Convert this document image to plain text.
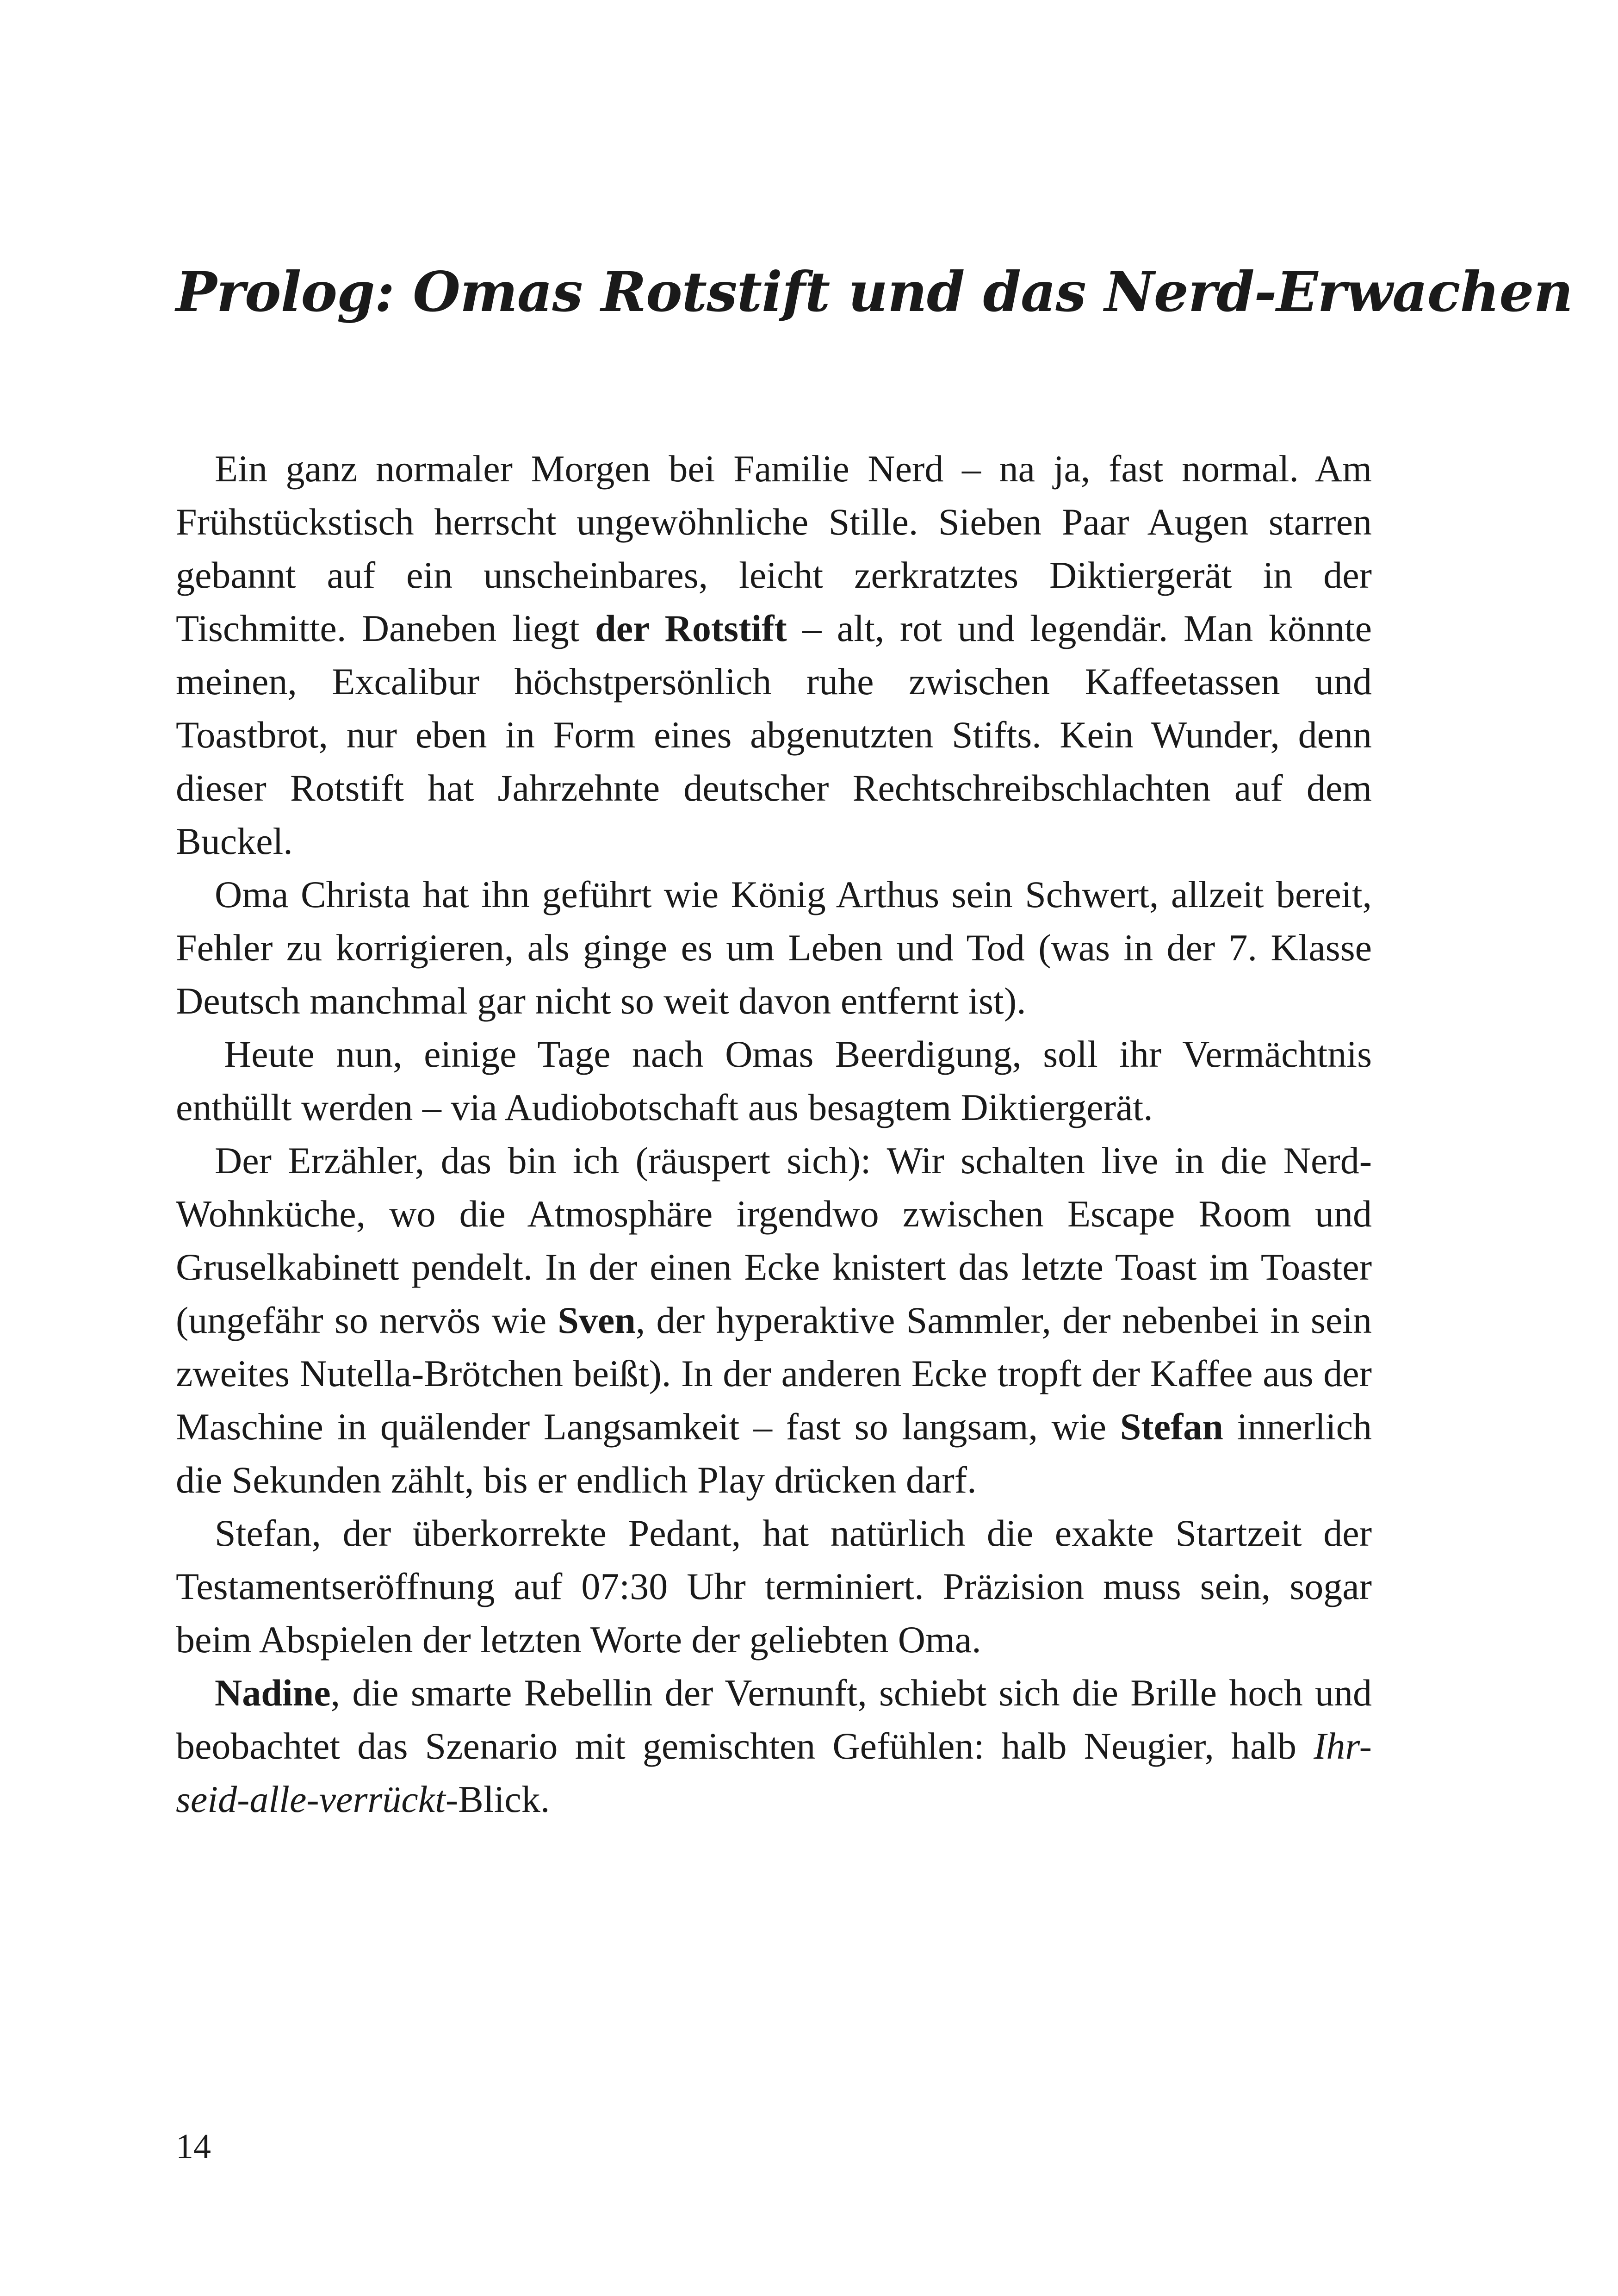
Prolog: Omas Rotstift und das Nerd-Erwachen

Ein ganz normaler Morgen bei Familie Nerd – na ja, fast normal. Am Frühstückstisch herrscht ungewöhnliche Stille. Sieben Paar Augen starren gebannt auf ein unscheinbares, leicht zerkratztes Diktiergerät in der Tischmitte. Daneben liegt der Rotstift – alt, rot und legendär. Man könnte meinen, Excalibur höchstpersönlich ruhe zwischen Kaffeetassen und Toastbrot, nur eben in Form eines abgenutzten Stifts. Kein Wunder, denn dieser Rotstift hat Jahrzehnte deutscher Rechtschreibschlachten auf dem Buckel.

Oma Christa hat ihn geführt wie König Arthus sein Schwert, allzeit bereit, Fehler zu korrigieren, als ginge es um Leben und Tod (was in der 7. Klasse Deutsch manchmal gar nicht so weit davon entfernt ist).

Heute nun, einige Tage nach Omas Beerdigung, soll ihr Vermächtnis enthüllt werden – via Audiobotschaft aus besagtem Diktiergerät.

Der Erzähler, das bin ich (räuspert sich): Wir schalten live in die Nerd-Wohnküche, wo die Atmosphäre irgendwo zwischen Escape Room und Gruselkabinett pendelt. In der einen Ecke knistert das letzte Toast im Toaster (ungefähr so nervös wie Sven, der hyperaktive Sammler, der nebenbei in sein zweites Nutella-Brötchen beißt). In der anderen Ecke tropft der Kaffee aus der Maschine in quälender Langsamkeit – fast so langsam, wie Stefan innerlich die Sekunden zählt, bis er endlich Play drücken darf.

Stefan, der überkorrekte Pedant, hat natürlich die exakte Startzeit der Testamentseröffnung auf 07:30 Uhr terminiert. Präzision muss sein, sogar beim Abspielen der letzten Worte der geliebten Oma.

Nadine, die smarte Rebellin der Vernunft, schiebt sich die Brille hoch und beobachtet das Szenario mit gemischten Gefühlen: halb Neugier, halb Ihr-seid-alle-verrückt-Blick.

14
